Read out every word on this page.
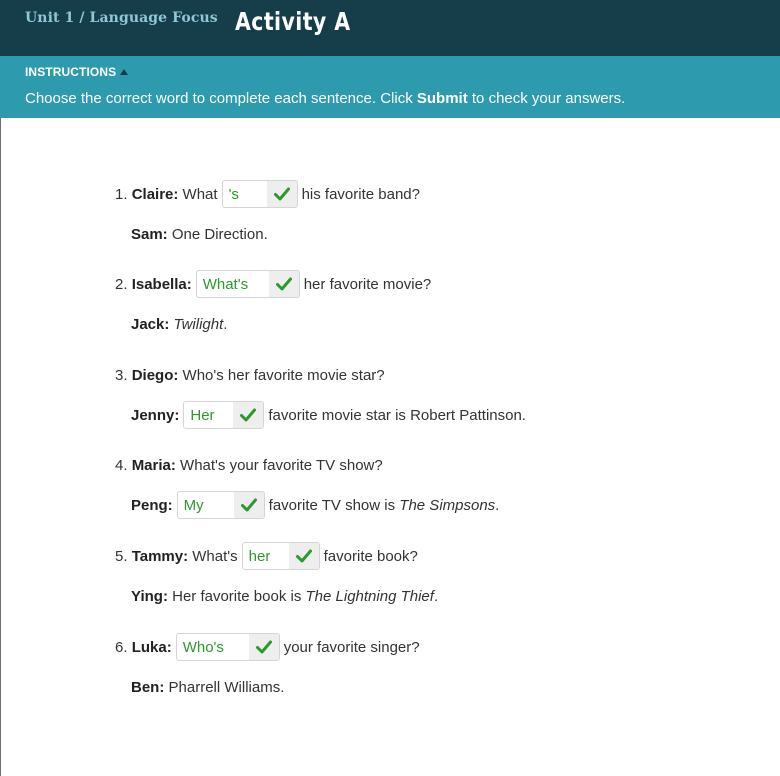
Unit 1 / Language Focus Activity A
INSTRUCTIONS
Choose the correct word to complete each sentence. Click Submit to check your answers.
1.
Claire:
What 's	his favorite band?
Sam:
One Direction.
2.
Isabella: What's	her favorite movie?
Jack:
Twilight .
3.
Diego:
Who's her favorite movie star?
Jenny: Her	favorite movie star is Robert Pattinson.
4.
Maria:
What's your favorite TV show?
Peng: My	favorite TV show is
The Simpsons .
5.
Tammy:
What's her	favorite book?
Ying:
Her favorite book is
The Lightning Thief .
6.
Luka: Who's	your favorite singer?
Ben:
Pharrell Williams.
